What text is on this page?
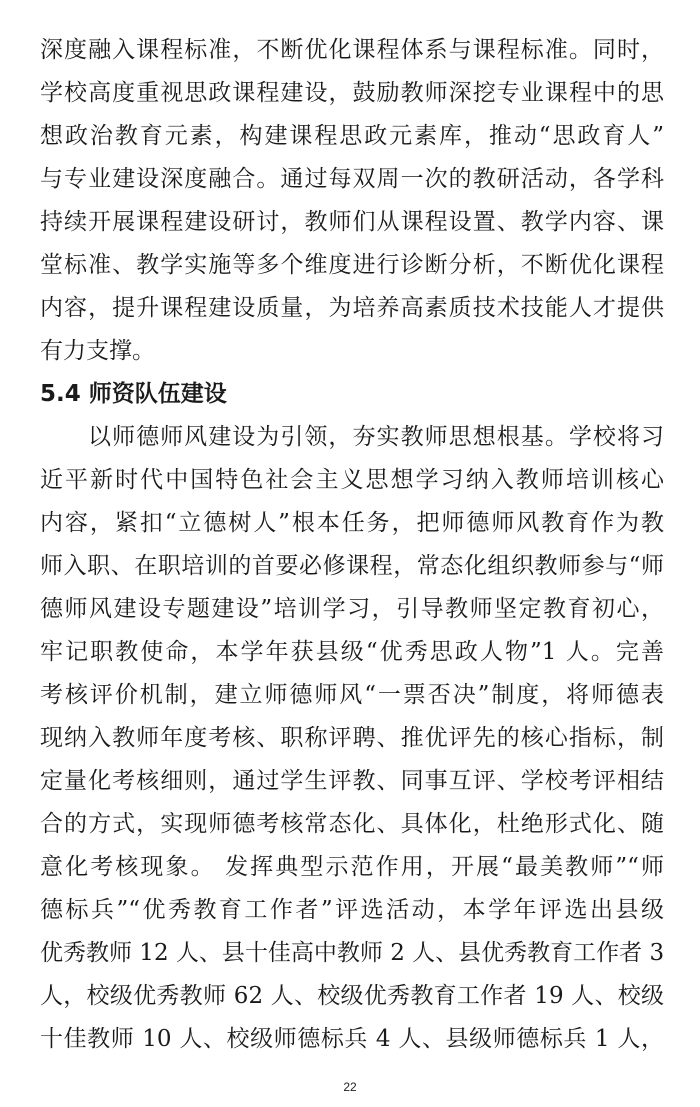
深度融入课程标准，不断优化课程体系与课程标准。同时，
学校高度重视思政课程建设，鼓励教师深挖专业课程中的思
想政治教育元素，构建课程思政元素库，推动“思政育人”
与专业建设深度融合。通过每双周一次的教研活动，各学科
持续开展课程建设研讨，教师们从课程设置、教学内容、课
堂标准、教学实施等多个维度进行诊断分析，不断优化课程
内容，提升课程建设质量，为培养高素质技术技能人才提供
有力支撑。
5.4 师资队伍建设
以师德师风建设为引领，夯实教师思想根基。学校将习
近平新时代中国特色社会主义思想学习纳入教师培训核心
内容，紧扣“立德树人”根本任务，把师德师风教育作为教
师入职、在职培训的首要必修课程，常态化组织教师参与“师
德师风建设专题建设”培训学习，引导教师坚定教育初心，
牢记职教使命，本学年获县级“优秀思政人物”1 人。完善
考核评价机制，建立师德师风“一票否决”制度，将师德表
现纳入教师年度考核、职称评聘、推优评先的核心指标，制
定量化考核细则，通过学生评教、同事互评、学校考评相结
合的方式，实现师德考核常态化、具体化，杜绝形式化、随
意化考核现象。 发挥典型示范作用，开展“最美教师”“师
德标兵”“优秀教育工作者”评选活动，本学年评选出县级
优秀教师 12 人、县十佳高中教师 2 人、县优秀教育工作者 3
人，校级优秀教师 62 人、校级优秀教育工作者 19 人、校级
十佳教师 10 人、校级师德标兵 4 人、县级师德标兵 1 人，
22
